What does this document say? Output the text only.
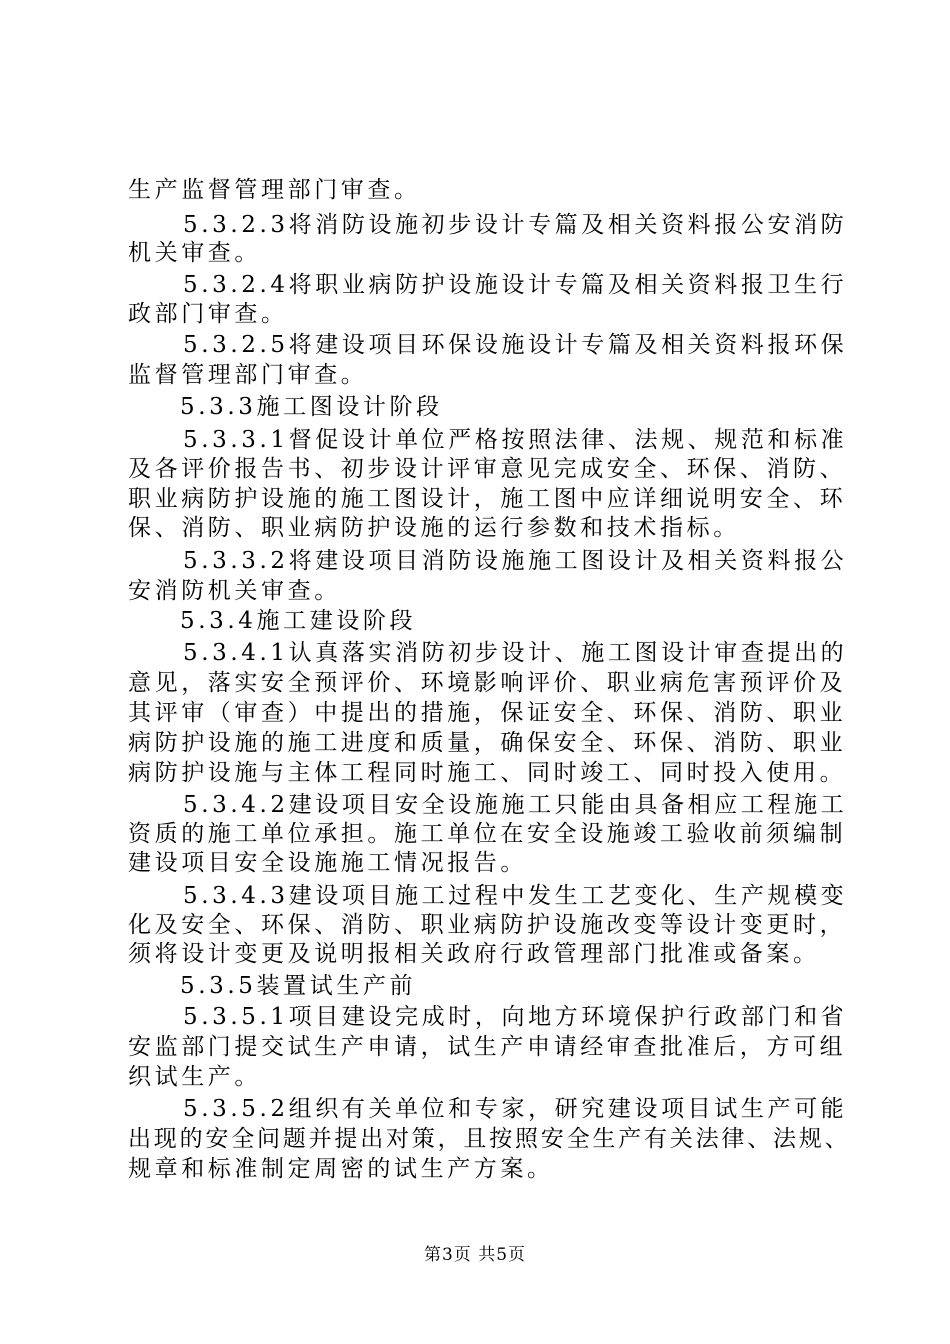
生产监督管理部门审查。
5.3.2.3将消防设施初步设计专篇及相关资料报公安消防
机关审查。
5.3.2.4将职业病防护设施设计专篇及相关资料报卫生行
政部门审查。
5.3.2.5将建设项目环保设施设计专篇及相关资料报环保
监督管理部门审查。
5.3.3施工图设计阶段
5.3.3.1督促设计单位严格按照法律、法规、规范和标准
及各评价报告书、初步设计评审意见完成安全、环保、消防、
职业病防护设施的施工图设计，施工图中应详细说明安全、环
保、消防、职业病防护设施的运行参数和技术指标。
5.3.3.2将建设项目消防设施施工图设计及相关资料报公
安消防机关审查。
5.3.4施工建设阶段
5.3.4.1认真落实消防初步设计、施工图设计审查提出的
意见，落实安全预评价、环境影响评价、职业病危害预评价及
其评审（审查）中提出的措施，保证安全、环保、消防、职业
病防护设施的施工进度和质量，确保安全、环保、消防、职业
病防护设施与主体工程同时施工、同时竣工、同时投入使用。
5.3.4.2建设项目安全设施施工只能由具备相应工程施工
资质的施工单位承担。施工单位在安全设施竣工验收前须编制
建设项目安全设施施工情况报告。
5.3.4.3建设项目施工过程中发生工艺变化、生产规模变
化及安全、环保、消防、职业病防护设施改变等设计变更时，
须将设计变更及说明报相关政府行政管理部门批准或备案。
5.3.5装置试生产前
5.3.5.1项目建设完成时，向地方环境保护行政部门和省
安监部门提交试生产申请，试生产申请经审查批准后，方可组
织试生产。
5.3.5.2组织有关单位和专家，研究建设项目试生产可能
出现的安全问题并提出对策，且按照安全生产有关法律、法规、
规章和标准制定周密的试生产方案。
第3页 共5页
